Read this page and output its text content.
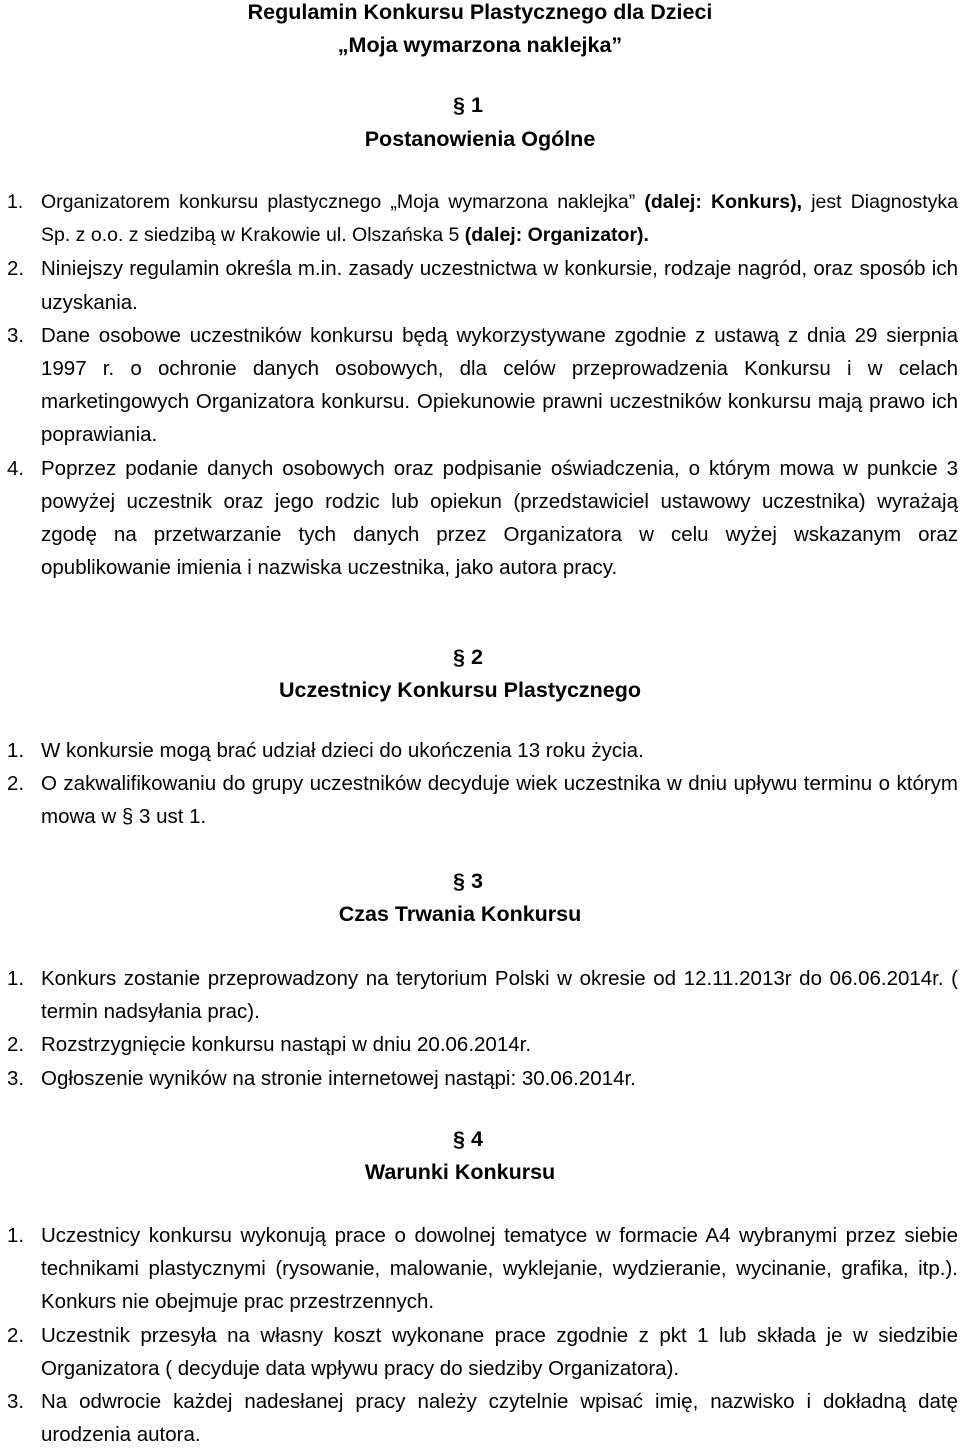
Regulamin Konkursu Plastycznego dla Dzieci

„Moja wymarzona naklejka”

§ 1
Postanowienia Ogólne
1. Organizatorem konkursu plastycznego „Moja wymarzona naklejka” (dalej: Konkurs), jest Diagnostyka Sp. z o.o. z siedzibą w Krakowie ul. Olszańska 5 (dalej: Organizator).
2. Niniejszy regulamin określa m.in. zasady uczestnictwa w konkursie, rodzaje nagród, oraz sposób ich uzyskania.
3. Dane osobowe uczestników konkursu będą wykorzystywane zgodnie z ustawą z dnia 29 sierpnia 1997 r. o ochronie danych osobowych, dla celów przeprowadzenia Konkursu i w celach marketingowych Organizatora konkursu. Opiekunowie prawni uczestników konkursu mają prawo ich poprawiania.
4. Poprzez podanie danych osobowych oraz podpisanie oświadczenia, o którym mowa w punkcie 3 powyżej uczestnik oraz jego rodzic lub opiekun (przedstawiciel ustawowy uczestnika) wyrażają zgodę na przetwarzanie tych danych przez Organizatora w celu wyżej wskazanym oraz opublikowanie imienia i nazwiska uczestnika, jako autora pracy.
§ 2
Uczestnicy Konkursu Plastycznego
1. W konkursie mogą brać udział dzieci do ukończenia 13 roku życia.
2. O zakwalifikowaniu do grupy uczestników decyduje wiek uczestnika w dniu upływu terminu o którym mowa w § 3 ust 1.
§ 3
Czas Trwania Konkursu
1. Konkurs zostanie przeprowadzony na terytorium Polski w okresie od 12.11.2013r do 06.06.2014r. ( termin nadsyłania prac).
2. Rozstrzygnięcie konkursu nastąpi w dniu 20.06.2014r.
3. Ogłoszenie wyników na stronie internetowej nastąpi: 30.06.2014r.
§ 4
Warunki Konkursu
1. Uczestnicy konkursu wykonują prace o dowolnej tematyce w formacie A4 wybranymi przez siebie technikami plastycznymi (rysowanie, malowanie, wyklejanie, wydzieranie, wycinanie, grafika, itp.). Konkurs nie obejmuje prac przestrzennych.
2. Uczestnik przesyła na własny koszt wykonane prace zgodnie z pkt 1 lub składa je w siedzibie Organizatora ( decyduje data wpływu pracy do siedziby Organizatora).
3. Na odwrocie każdej nadesłanej pracy należy czytelnie wpisać imię, nazwisko i dokładną datę urodzenia autora.
